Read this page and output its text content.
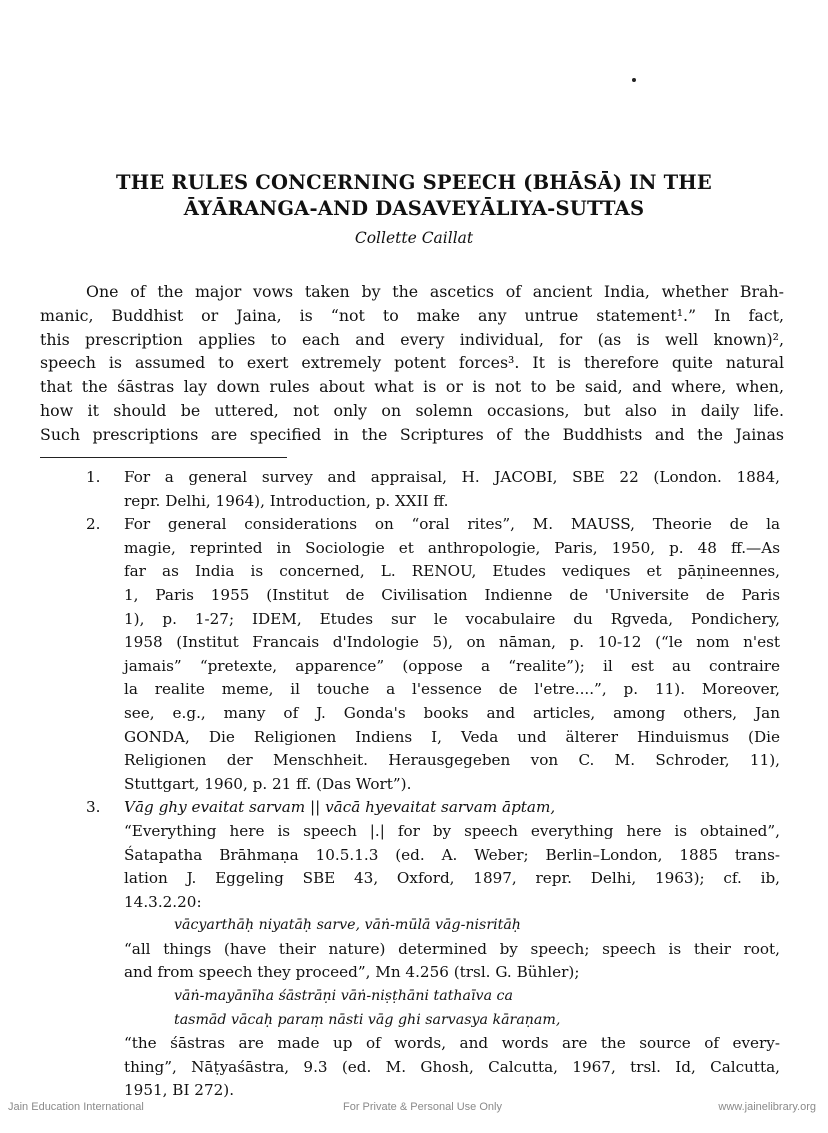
THE RULES CONCERNING SPEECH (BHĀSĀ) IN THE
ĀYĀRANGA-AND DASAVEYĀLIYA-SUTTAS
Collette Caillat
One of the major vows taken by the ascetics of ancient India, whether Brah-
manic, Buddhist or Jaina, is “not to make any untrue statement¹.” In fact,
this prescription applies to each and every individual, for (as is well known)²,
speech is assumed to exert extremely potent forces³. It is therefore quite natural
that the śāstras lay down rules about what is or is not to be said, and where, when,
how it should be uttered, not only on solemn occasions, but also in daily life.
Such prescriptions are specified in the Scriptures of the Buddhists and the Jainas
1. For a general survey and appraisal, H. JACOBI, SBE 22 (London. 1884,
repr. Delhi, 1964), Introduction, p. XXII ff.
2. For general considerations on “oral rites”, M. MAUSS, Theorie de la
magie, reprinted in Sociologie et anthropologie, Paris, 1950, p. 48 ff.—As
far as India is concerned, L. RENOU, Etudes vediques et pāṇineennes,
1, Paris 1955 (Institut de Civilisation Indienne de 'Universite de Paris
1), p. 1-27; IDEM, Etudes sur le vocabulaire du Rgveda, Pondichery,
1958 (Institut Francais d'Indologie 5), on nāman, p. 10-12 (“le nom n'est
jamais” “pretexte, apparence” (oppose a “realite”); il est au contraire
la realite meme, il touche a l'essence de l'etre....”, p. 11). Moreover,
see, e.g., many of J. Gonda's books and articles, among others, Jan
GONDA, Die Religionen Indiens I, Veda und älterer Hinduismus (Die
Religionen der Menschheit. Herausgegeben von C. M. Schroder, 11),
Stuttgart, 1960, p. 21 ff. (Das Wort”).
3. Vāg ghy evaitat sarvam || vācā hyevaitat sarvam āptam,
“Everything here is speech |.| for by speech everything here is obtained”,
Śatapatha Brāhmaṇa 10.5.1.3 (ed. A. Weber; Berlin–London, 1885 trans-
lation J. Eggeling SBE 43, Oxford, 1897, repr. Delhi, 1963); cf. ib,
14.3.2.20:
vācyarthāḥ niyatāḥ sarve, vāṅ-mūlā vāg-nisritāḥ
“all things (have their nature) determined by speech; speech is their root,
and from speech they proceed”, Mn 4.256 (trsl. G. Bühler);
vāṅ-mayānīha śāstrāṇi vāṅ-niṣṭhāni tathaīva ca
tasmād vācaḥ paraṃ nāsti vāg ghi sarvasya kāraṇam,
“the śāstras are made up of words, and words are the source of every-
thing”, Nāṭyaśāstra, 9.3 (ed. M. Ghosh, Calcutta, 1967, trsl. Id, Calcutta,
1951, BI 272).
Jain Education International	For Private & Personal Use Only	www.jainelibrary.org
